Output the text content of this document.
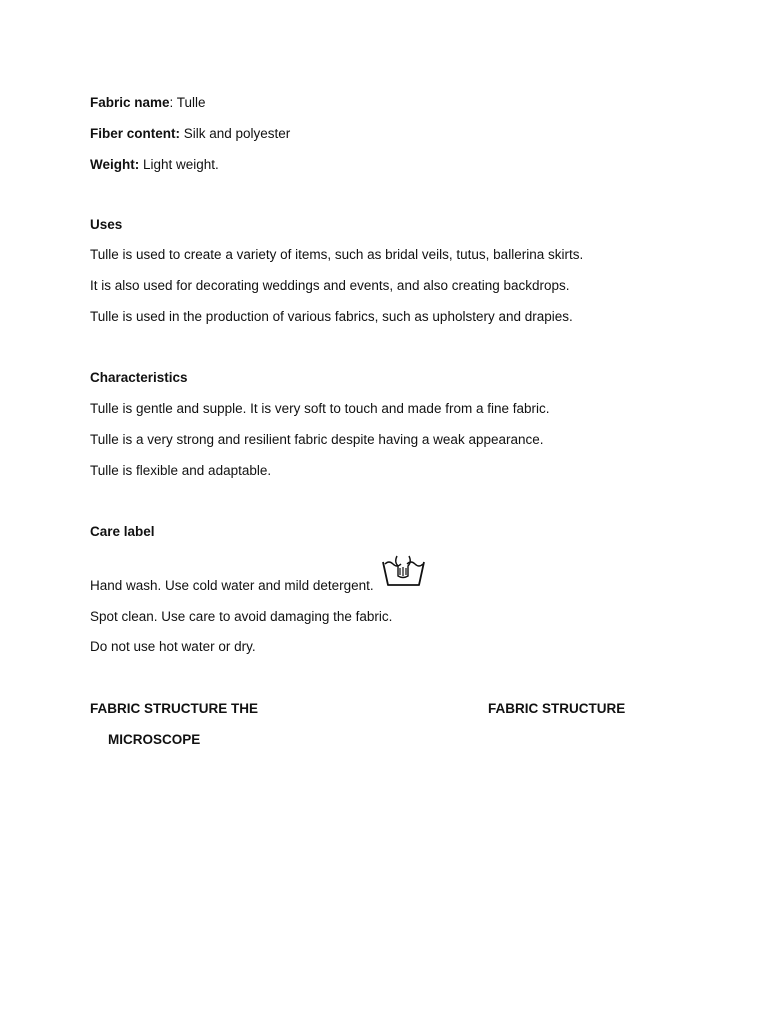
Fabric name: Tulle
Fiber content: Silk and polyester
Weight: Light weight.
Uses
Tulle is used to create a variety of items, such as bridal veils, tutus, ballerina skirts.
It is also used for decorating weddings and events, and also creating backdrops.
Tulle is used in the production of various fabrics, such as upholstery and drapies.
Characteristics
Tulle is gentle and supple. It is very soft to touch and made from a fine fabric.
Tulle is a very strong and resilient fabric despite having a weak appearance.
Tulle is flexible and adaptable.
Care label
Hand wash. Use cold water and mild detergent.
Spot clean. Use care to avoid damaging the fabric.
Do not use hot water or dry.
FABRIC STRUCTURE THE
MICROSCOPE
FABRIC STRUCTURE
